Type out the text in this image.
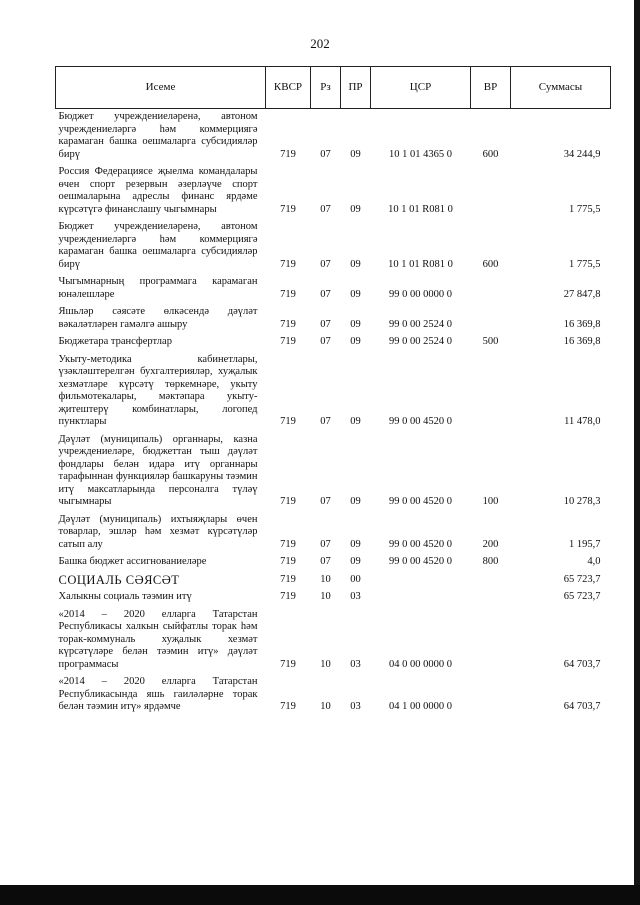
202
Исеме	КВСР	Рз	ПР	ЦСР	ВР	Суммасы
Бюджет учреждениеләренә, автоном учреждениеләргә һәм коммерциягә карамаган башка оешмаларга субсидияләр бирү	719	07	09	10 1 01 4365 0	600	34 244,9
Россия Федерациясе җыелма командалары өчен спорт резервын әзерләүче спорт оешмаларына адреслы финанс ярдәме күрсәтүгә финанслашу чыгымнары	719	07	09	10 1 01 R081 0		1 775,5
Бюджет учреждениеләренә, автоном учреждениеләргә һәм коммерциягә карамаган башка оешмаларга субсидияләр бирү	719	07	09	10 1 01 R081 0	600	1 775,5
Чыгымнарның программага карамаган юнәлешләре	719	07	09	99 0 00 0000 0		27 847,8
Яшьләр сәясәте өлкәсендә дәүләт вәкаләтләрен гамәлгә ашыру	719	07	09	99 0 00 2524 0		16 369,8
Бюджетара трансфертлар	719	07	09	99 0 00 2524 0	500	16 369,8
Укыту-методика кабинетлары, үзәкләштерелгән бухгалтерияләр, хуҗалык хезмәтләре күрсәтү төркемнәре, укыту фильмотекалары, мәктәпара укыту-җитештерү комбинатлары, логопед пунктлары	719	07	09	99 0 00 4520 0		11 478,0
Дәүләт (муниципаль) органнары, казна учреждениеләре, бюджеттан тыш дәүләт фондлары белән идарә итү органнары тарафыннан функцияләр башкаруны тәэмин итү максатларында персоналга түләү чыгымнары	719	07	09	99 0 00 4520 0	100	10 278,3
Дәүләт (муниципаль) ихтыяҗлары өчен товарлар, эшләр һәм хезмәт күрсәтүләр сатып алу	719	07	09	99 0 00 4520 0	200	1 195,7
Башка бюджет ассигнованиеләре	719	07	09	99 0 00 4520 0	800	4,0
СОЦИАЛЬ СӘЯСӘТ	719	10	00			65 723,7
Халыкны социаль тәэмин итү	719	10	03			65 723,7
«2014 – 2020 елларга Татарстан Республикасы халкын сыйфатлы торак һәм торак-коммуналь хуҗалык хезмәт күрсәтүләре белән тәэмин итү» дәүләт программасы	719	10	03	04 0 00 0000 0		64 703,7
«2014 – 2020 елларга Татарстан Республикасында яшь гаиләләрне торак белән тәэмин итү» ярдәмче	719	10	03	04 1 00 0000 0		64 703,7
